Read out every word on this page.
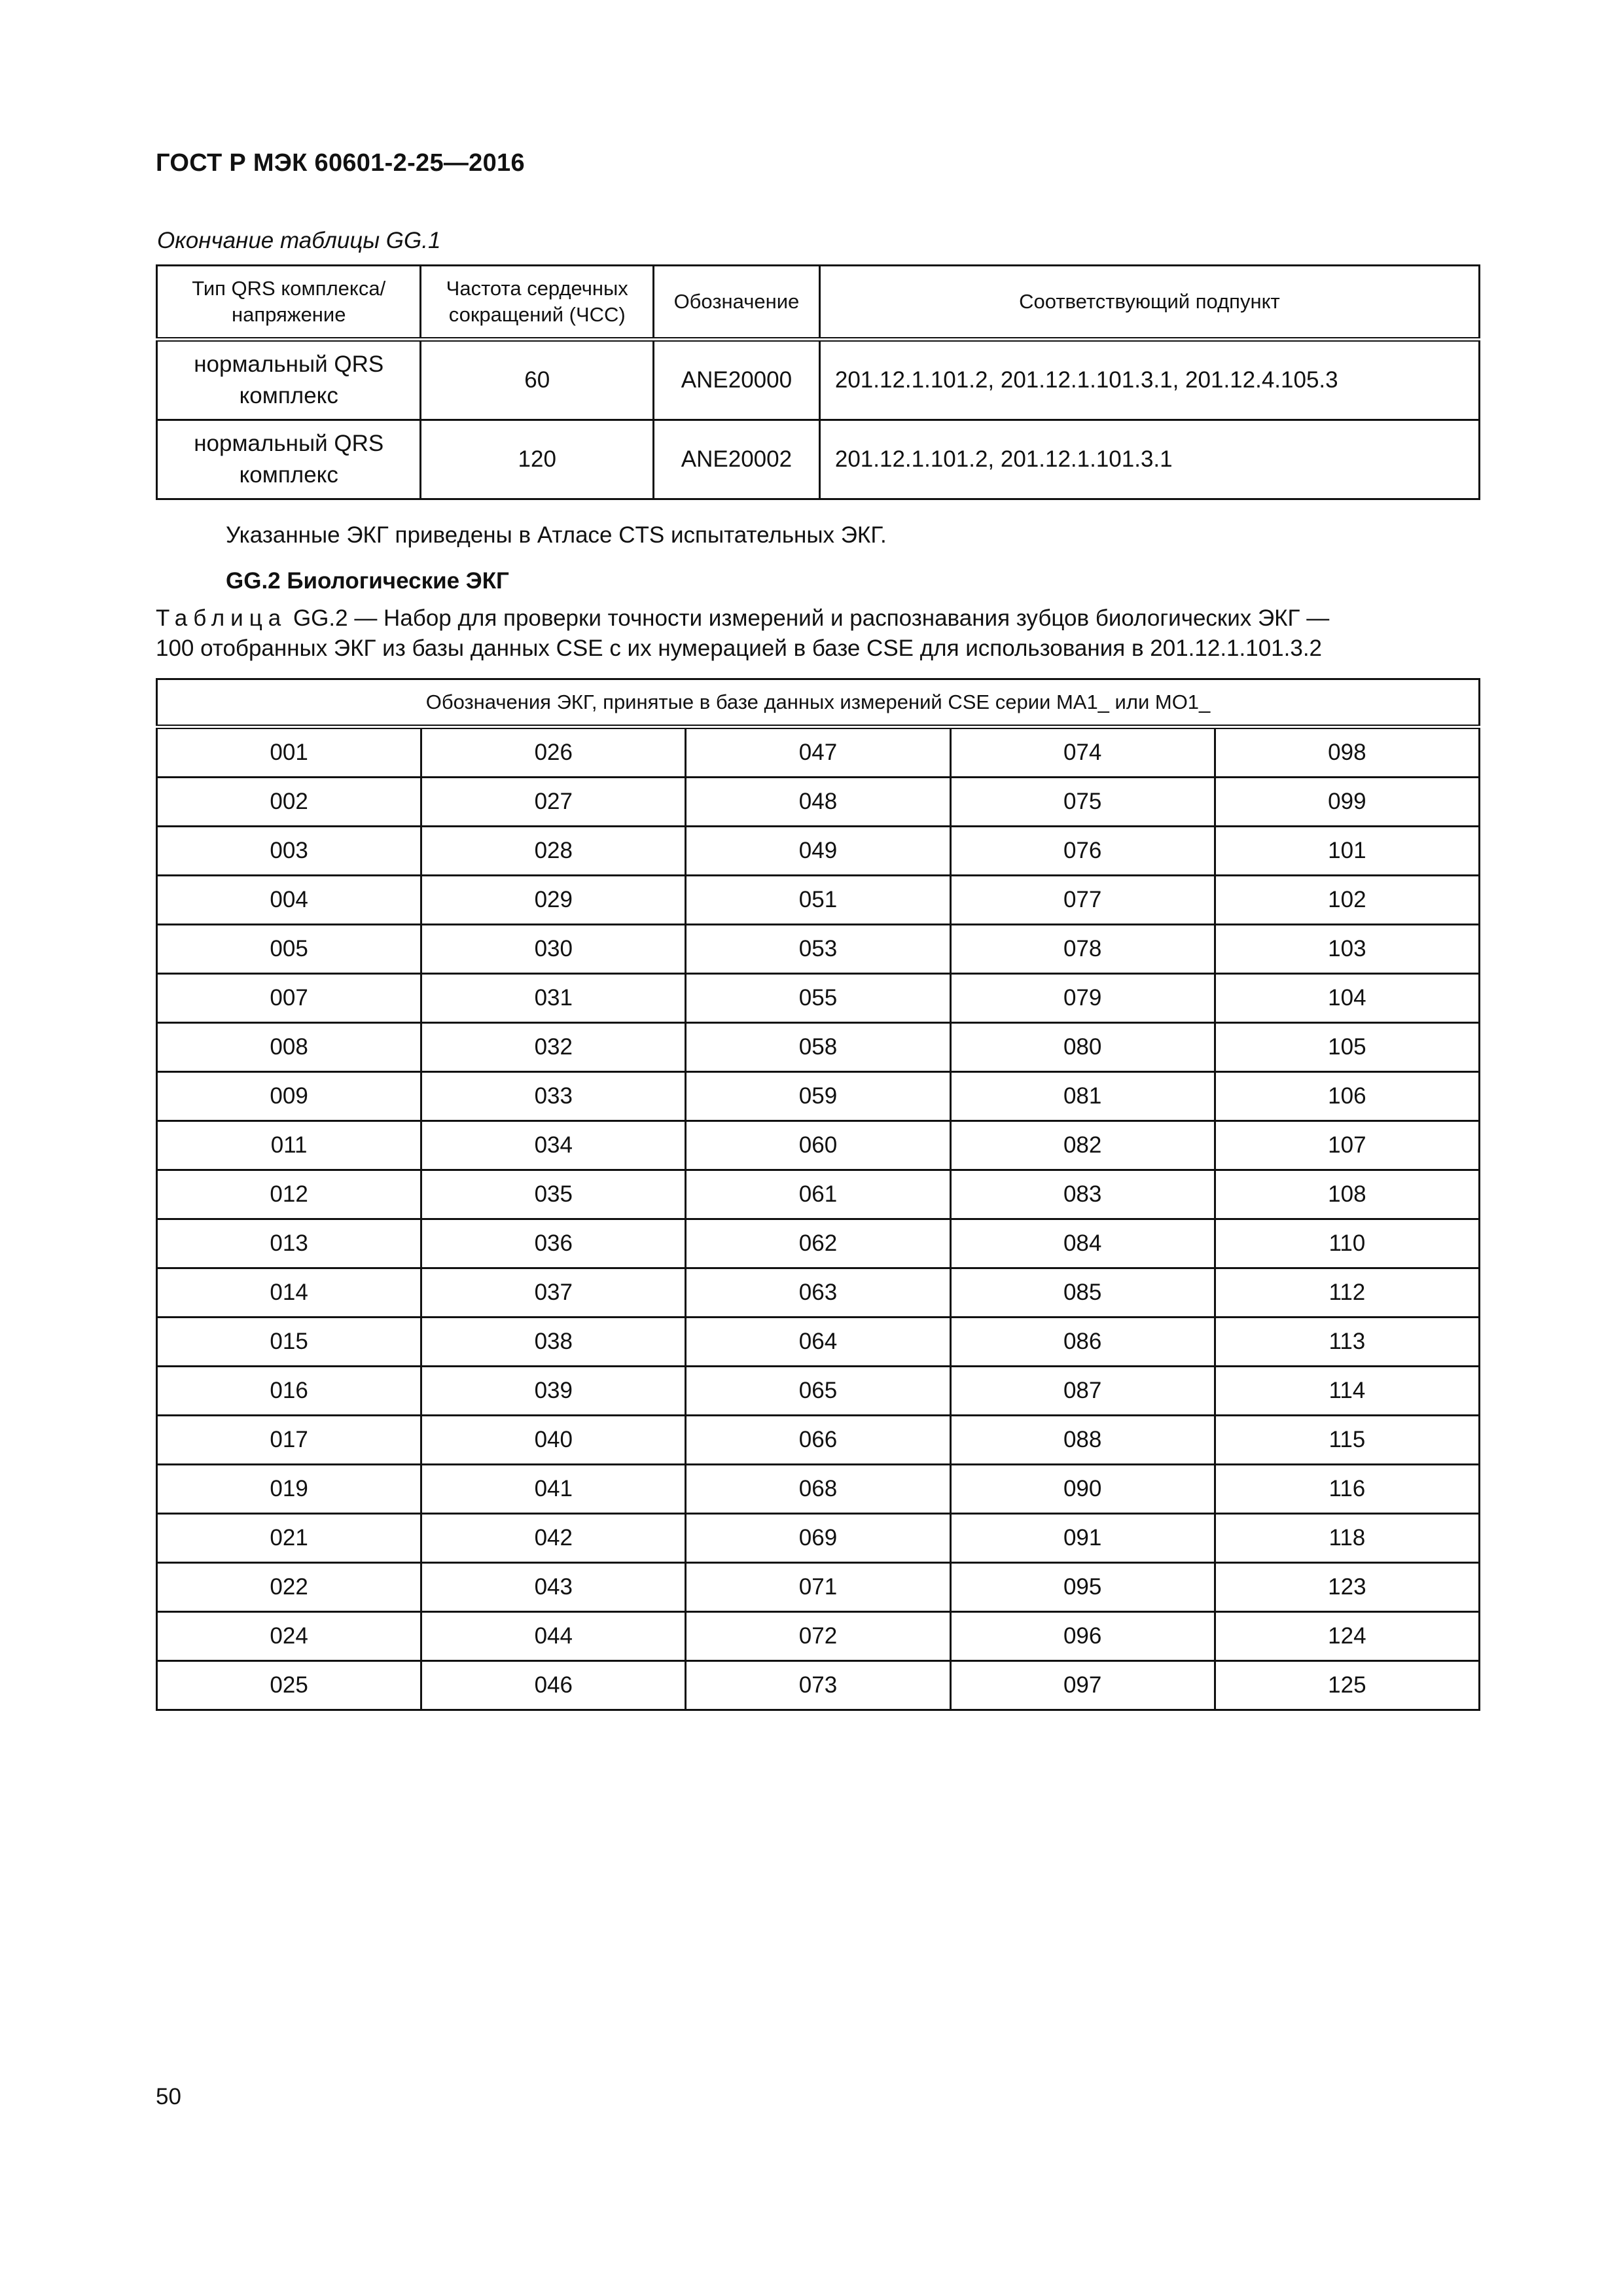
ГОСТ Р МЭК 60601-2-25—2016
Окончание таблицы GG.1
Тип QRS комплекса/ напряжение	Частота сердечных сокращений (ЧСС)	Обозначение	Соответствующий подпункт
нормальный QRS комплекс	60	ANE20000	201.12.1.101.2, 201.12.1.101.3.1, 201.12.4.105.3
нормальный QRS комплекс	120	ANE20002	201.12.1.101.2, 201.12.1.101.3.1
Указанные ЭКГ приведены в Атласе CTS испытательных ЭКГ.
GG.2 Биологические ЭКГ
Таблица GG.2 — Набор для проверки точности измерений и распознавания зубцов биологических ЭКГ —
100 отобранных ЭКГ из базы данных CSE с их нумерацией в базе CSE для использования в 201.12.1.101.3.2
Обозначения ЭКГ, принятые в базе данных измерений CSE серии MA1_ или MO1_				
001	026	047	074	098
002	027	048	075	099
003	028	049	076	101
004	029	051	077	102
005	030	053	078	103
007	031	055	079	104
008	032	058	080	105
009	033	059	081	106
011	034	060	082	107
012	035	061	083	108
013	036	062	084	110
014	037	063	085	112
015	038	064	086	113
016	039	065	087	114
017	040	066	088	115
019	041	068	090	116
021	042	069	091	118
022	043	071	095	123
024	044	072	096	124
025	046	073	097	125
50
